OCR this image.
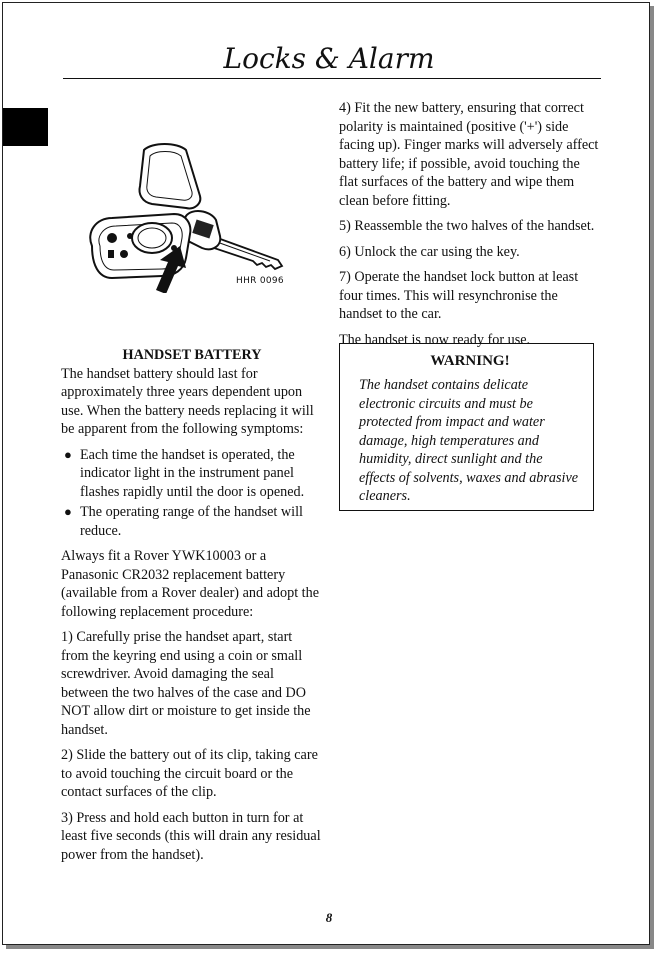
Locks & Alarm
HHR 0096

HANDSET BATTERY

The handset battery should last for approximately three years dependent upon use. When the battery needs replacing it will be apparent from the following symptoms:

● Each time the handset is operated, the indicator light in the instrument panel flashes rapidly until the door is opened.
● The operating range of the handset will reduce.

Always fit a Rover YWK10003 or a Panasonic CR2032 replacement battery (available from a Rover dealer) and adopt the following replacement procedure:

1) Carefully prise the handset apart, start from the keyring end using a coin or small screwdriver. Avoid damaging the seal between the two halves of the case and DO NOT allow dirt or moisture to get inside the handset.

2) Slide the battery out of its clip, taking care to avoid touching the circuit board or the contact surfaces of the clip.

3) Press and hold each button in turn for at least five seconds (this will drain any residual power from the handset).

4) Fit the new battery, ensuring that correct polarity is maintained (positive ('+') side facing up). Finger marks will adversely affect battery life; if possible, avoid touching the flat surfaces of the battery and wipe them clean before fitting.

5) Reassemble the two halves of the handset.

6) Unlock the car using the key.

7) Operate the handset lock button at least four times. This will resynchronise the handset to the car.

The handset is now ready for use.

WARNING!

The handset contains delicate electronic circuits and must be protected from impact and water damage, high temperatures and humidity, direct sunlight and the effects of solvents, waxes and abrasive cleaners.

8
